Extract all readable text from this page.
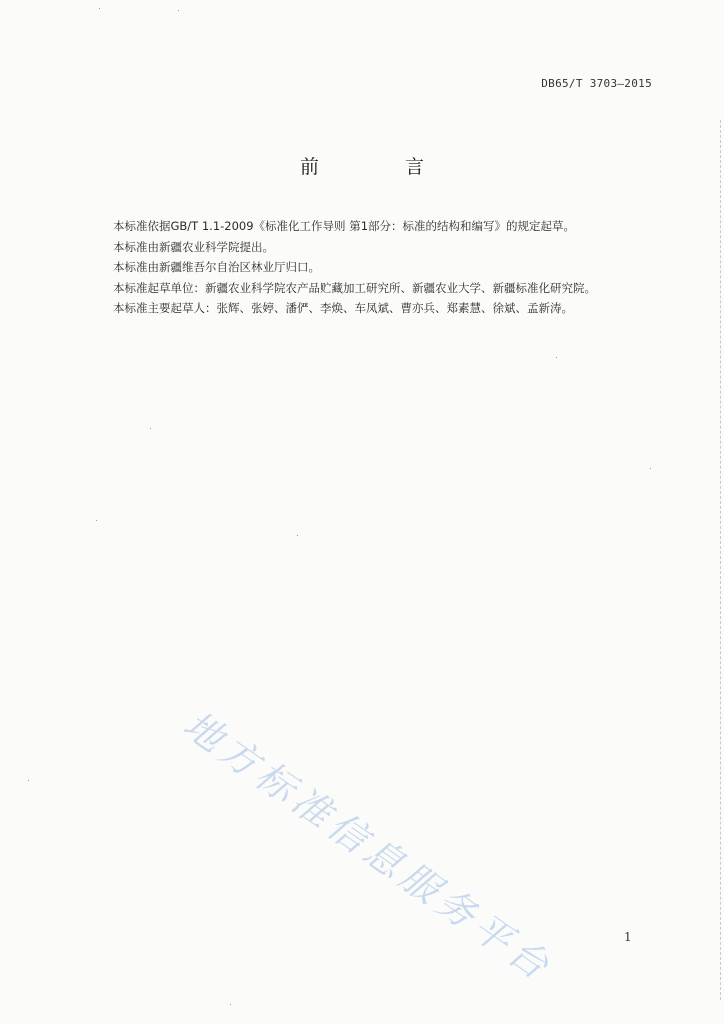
DB65/T 3703—2015
前 言

本标准依据GB/T 1.1-2009《标准化工作导则 第1部分：标准的结构和编写》的规定起草。

本标准由新疆农业科学院提出。

本标准由新疆维吾尔自治区林业厅归口。

本标准起草单位：新疆农业科学院农产品贮藏加工研究所、新疆农业大学、新疆标准化研究院。

本标准主要起草人：张辉、张婷、潘俨、李焕、车凤斌、曹亦兵、郑素慧、徐斌、孟新涛。

地方标准信息服务平台	1
